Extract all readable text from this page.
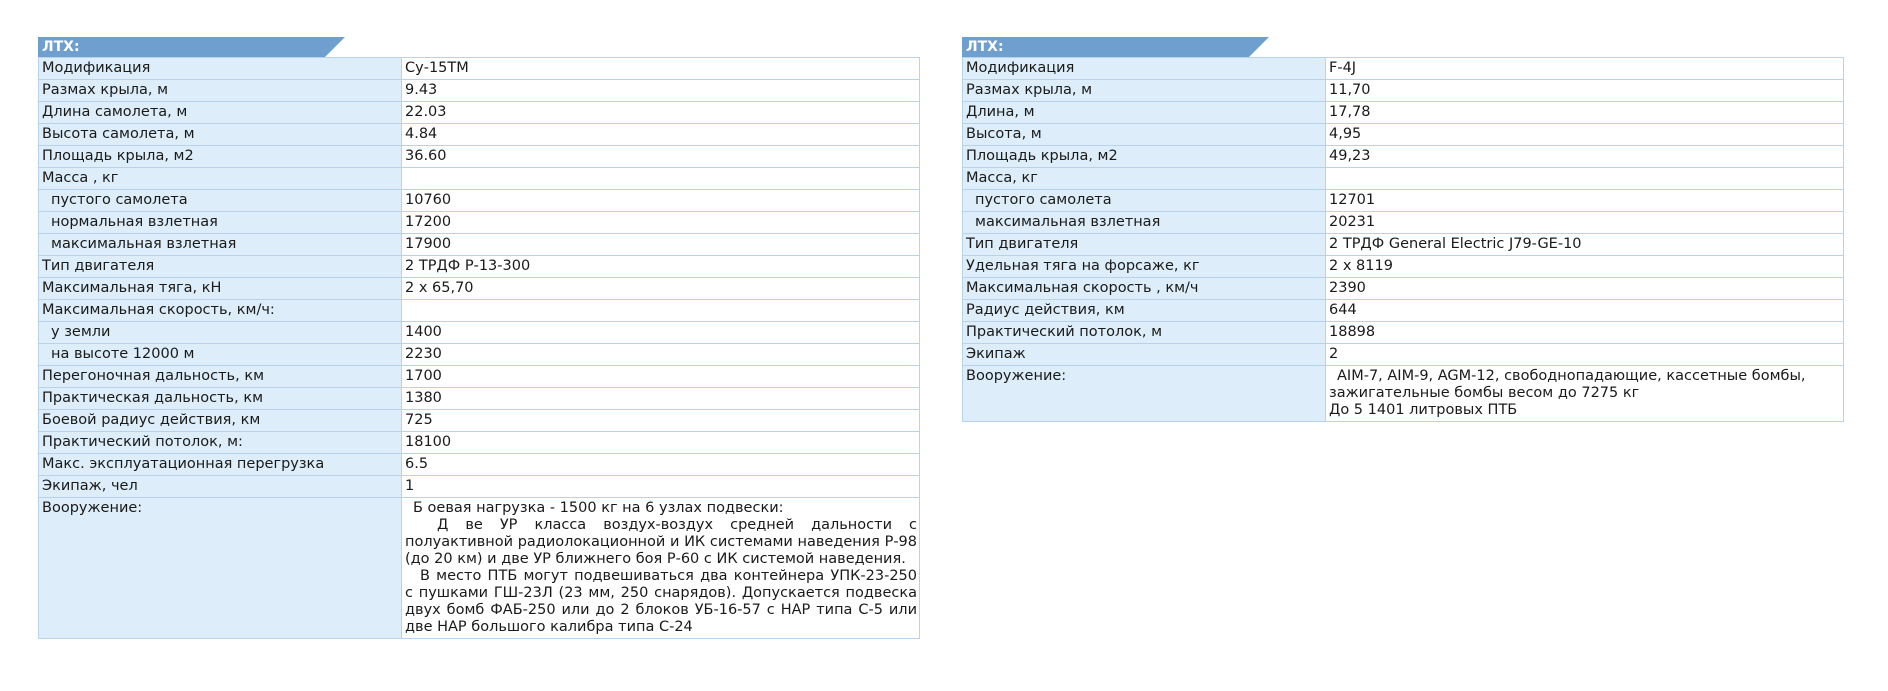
ЛТХ:
Модификация	Су-15ТМ
Размах крыла, м	9.43
Длина самолета, м	22.03
Высота самолета, м	4.84
Площадь крыла, м2	36.60
Масса , кг	
пустого самолета	10760
нормальная взлетная	17200
максимальная взлетная	17900
Тип двигателя	2 ТРДФ Р-13-300
Максимальная тяга, кН	2 x 65,70
Максимальная скорость, км/ч:	
у земли	1400
на высоте 12000 м	2230
Перегоночная дальность, км	1700
Практическая дальность, км	1380
Боевой радиус действия, км	725
Практический потолок, м:	18100
Макс. эксплуатационная перегрузка	6.5
Экипаж, чел	1
Вооружение:	Б оевая нагрузка - 1500 кг на 6 узлах подвески:

Д ве УР класса воздух-воздух средней дальности с полуактивной радиолокационной и ИК системами наведения Р-98 (до 20 км) и две УР ближнего боя Р-60 с ИК системой наведения.

В место ПТБ могут подвешиваться два контейнера УПК-23-250 с пушками ГШ-23Л (23 мм, 250 снарядов). Допускается подвеска двух бомб ФАБ-250 или до 2 блоков УБ-16-57 с НАР типа С-5 или две НАР большого калибра типа С-24

ЛТХ:
Модификация	F-4J
Размах крыла, м	11,70
Длина, м	17,78
Высота, м	4,95
Площадь крыла, м2	49,23
Масса, кг	
пустого самолета	12701
максимальная взлетная	20231
Тип двигателя	2 ТРДФ General Electric J79-GE-10
Удельная тяга на форсаже, кг	2 x 8119
Максимальная скорость , км/ч	2390
Радиус действия, км	644
Практический потолок, м	18898
Экипаж	2
Вооружение:	AIM-7, AIM-9, AGM-12, свободнопадающие, кассетные бомбы, зажигательные бомбы весом до 7275 кг

До 5 1401 литровых ПТБ
